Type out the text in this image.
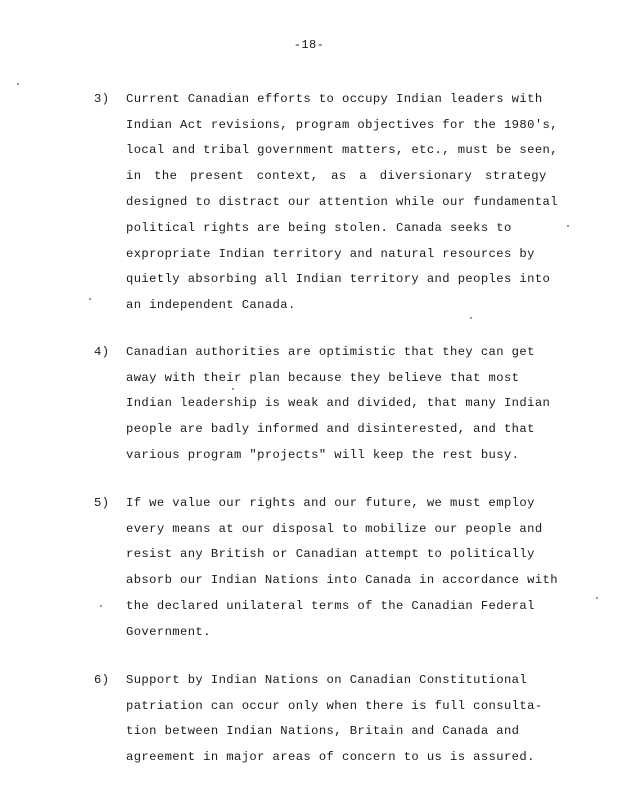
-18-
3) Current Canadian efforts to occupy Indian leaders with
Indian Act revisions, program objectives for the 1980's,
local and tribal government matters, etc., must be seen,
in the present context, as a diversionary strategy
designed to distract our attention while our fundamental
political rights are being stolen. Canada seeks to
expropriate Indian territory and natural resources by
quietly absorbing all Indian territory and peoples into
an independent Canada.
4) Canadian authorities are optimistic that they can get
away with their plan because they believe that most
Indian leadership is weak and divided, that many Indian
people are badly informed and disinterested, and that
various program "projects" will keep the rest busy.
5) If we value our rights and our future, we must employ
every means at our disposal to mobilize our people and
resist any British or Canadian attempt to politically
absorb our Indian Nations into Canada in accordance with
the declared unilateral terms of the Canadian Federal
Government.
6) Support by Indian Nations on Canadian Constitutional
patriation can occur only when there is full consulta-
tion between Indian Nations, Britain and Canada and
agreement in major areas of concern to us is assured.
